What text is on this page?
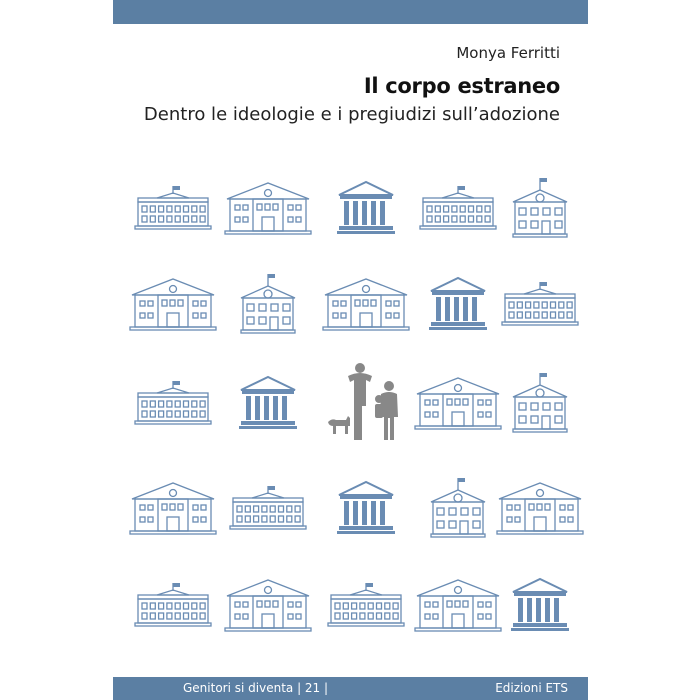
Monya Ferritti
Il corpo estraneo
Dentro le ideologie e i pregiudizi sull’adozione
Genitori si diventa | 21 |	Edizioni ETS
